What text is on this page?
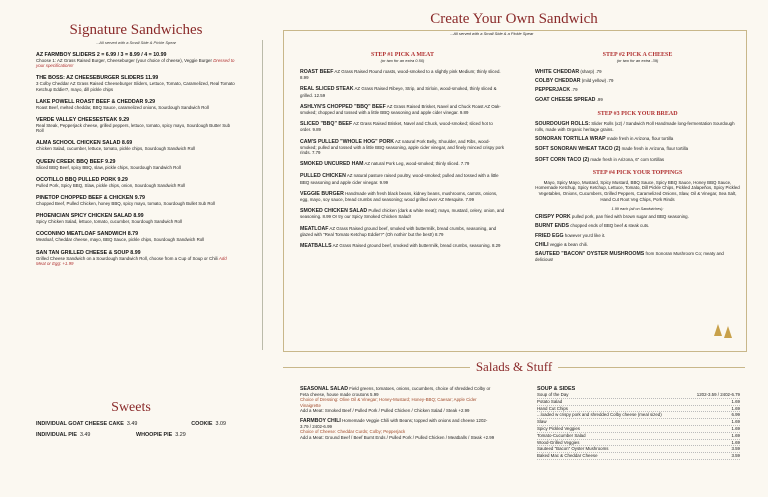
Signature Sandwiches
...All served with a Small Side & Pickle Spear
AZ FARMBOY SLIDERS 2 = 6.99 / 3 = 8.99 / 4 = 10.99
Choose 1: AZ Grass Raised Burger, Cheeseburger (your choice of cheese), Veggie Burger Dressed to your specifications!
THE BOSS: AZ CHEESEBURGER SLIDERS 11.99
3 Colby Cheddar AZ Grass Raised Cheeseburger Sliders, Lettuce, Tomato, Caramelized, Real Tomato Ketchup Eddie!?, mayo, dill pickle chips
LAKE POWELL ROAST BEEF & CHEDDAR 9.29
Roast Beef, melted cheddar, BBQ Sauce, caramelized onions, Sourdough Sandwich Roll
VERDE VALLEY CHEESESTEAK 9.29
Real Steak, Pepperjack cheese, grilled peppers, lettuce, tomato, spicy mayo, Sourdough Butter Sub Roll
ALMA SCHOOL CHICKEN SALAD 8.69
Chicken Salad, cucumber, lettuce, tomato, pickle chips, Sourdough Sandwich Roll
QUEEN CREEK BBQ BEEF 9.29
Sliced BBQ Beef, spicy BBQ, slaw, pickle chips, Sourdough Sandwich Roll
OCOTILLO BBQ PULLED PORK 9.29
Pulled Pork, Spicy BBQ, Slaw, pickle chips, onion, Sourdough Sandwich Roll
PINETOP CHOPPED BEEF & CHICKEN 9.79
Chopped Beef, Pulled Chicken, honey BBQ, spicy mayo, tomato, Sourdough Bullet Sub Roll
PHOENICIAN SPICY CHICKEN SALAD 8.99
Spicy Chicken Salad, lettuce, tomato, cucumber, Sourdough Sandwich Roll
COCONINO MEATLOAF SANDWICH 8.79
Meatloaf, Cheddar cheese, mayo, BBQ Sauce, pickle chips, Sourdough Sandwich Roll
SAN TAN GRILLED CHEESE & SOUP 8.99
Grilled Cheese Sandwich on a Sourdough Sandwich Roll, choose from a Cup of Soup or Chili Add Meat or Egg: +1.99
Sweets
INDIVIDUAL GOAT CHEESE CAKE 3.49	COOKIE 3.09
INDIVIDUAL PIE 3.49	WHOOPIE PIE 3.29
Create Your Own Sandwich
...All served with a Small Side & a Pickle Spear
STEP #1 PICK A MEAT
(or two for an extra 0.50)
ROAST BEEF AZ Grass Raised Round roasts, wood-smoked to a slightly pink Medium; thinly sliced. 8.99
REAL SLICED STEAK AZ Grass Raised Ribeye, Strip, and Sirloin, wood-smoked, thinly sliced & grilled. 12.59
ASHLYN'S CHOPPED "BBQ" BEEF AZ Grass Raised Brisket, Navel and Chuck Roast AZ Oak-smoked; chopped and tossed with a little BBQ seasoning and apple cider vinegar. 9.89
SLICED "BBQ" BEEF AZ Grass Raised Brisket, Navel and Chuck, wood-smoked; sliced hot to order. 9.89
CAM'S PULLED "WHOLE HOG" PORK AZ natural Pork Belly, Shoulder, and Ribs, wood-smoked; pulled and tossed with a little BBQ seasoning, apple cider vinegar, and finely minced crispy pork rinds. 7.79
SMOKED UNCURED HAM AZ natural Pork Leg, wood-smoked; thinly sliced. 7.79
PULLED CHICKEN AZ natural pasture raised poultry, wood-smoked; pulled and tossed with a little BBQ seasoning and apple cider vinegar. 9.99
VEGGIE BURGER Handmade with fresh black beans, kidney beans, mushrooms, carrots, onions, egg, mayo, soy sauce, bread crumbs and seasoning; wood grilled over AZ Mesquite. 7.99
SMOKED CHICKEN SALAD Pulled chicken (dark & white meat); mayo, mustard, celery, onion, and seasoning. 8.99 Or try our Spicy Smoked Chicken Salad!
MEATLOAF AZ Grass Raised ground beef, smoked with buttermilk, bread crumbs, seasoning, and glazed with "Real Tomato Ketchup Eddie!?" (Oh nothin' but the best!) 8.79
MEATBALLS AZ Grass Raised ground beef, smoked with buttermilk, bread crumbs, seasoning. 8.29
STEP #2 PICK A CHEESE
(or two for an extra .39)
WHITE CHEDDAR (sharp) .79
COLBY CHEDDAR (mild yellow) .79
PEPPERJACK .79
GOAT CHEESE SPREAD .99
STEP #3 PICK YOUR BREAD
SOURDOUGH ROLLS: Slider Rolls (x2) / Sandwich Roll Handmade long-fermentation Sourdough rolls, made with Organic heritage grains.
SONORAN TORTILLA WRAP made fresh in Arizona, flour tortilla
SOFT SONORAN WHEAT TACO (2) made fresh in Arizona, flour tortilla
SOFT CORN TACO (2) made fresh in Arizona, 6" corn tortillas
STEP #4 PICK YOUR TOPPINGS
Mayo, Spicy Mayo, Mustard, Spicy Mustard, BBQ Sauce, Spicy BBQ Sauce, Honey BBQ Sauce, Homemade Ketchup, Spicy Ketchup, Lettuce, Tomato, Dill Pickle Chips, Pickled Jalapeños, Spicy Pickled Vegetables, Onions, Cucumbers, Grilled Peppers, Caramelized Onions, Slaw, Oil & Vinegar, Sea Salt, Hand Cut Root Veg Chips, Pork Rinds
1.99 each (all on Sandwiches):
CRISPY PORK pulled pork, pan fried with brown sugar and BBQ seasoning.
BURNT ENDS chopped ends of BBQ beef & steak cuts.
FRIED EGG however you'd like it.
CHILI veggie & bean chili.
SAUTEED "BACON" OYSTER MUSHROOMS from Sonoran Mushroom Co; meaty and delicious!
Salads & Stuff
SEASONAL SALAD Field greens, tomatoes, onions, cucumbers, choice of shredded Colby or Feta cheese, house made croutons 5.99
Choice of Dressing: Olive Oil & Vinegar; Honey-Mustard; Honey-BBQ; Caesar; Apple Cider Vinaigrette
Add a Meat: Smoked Beef / Pulled Pork / Pulled Chicken / Chicken Salad / Steak +2.99
FARMBOY CHILI Homemade Veggie Chili with Beans; topped with onions and cheese 1202-3.79 / 2402-6.99
Choice of Cheese: Cheddar Curds; Colby; Pepperjack
Add a Meat: Ground Beef / Beef Burnt Ends / Pulled Pork / Pulled Chicken / Meatballs / Steak +2.99
SOUP & SIDES
Soup of the Day	1202-3.59 / 2402-6.79
Potato Salad	1.69
Hand Cut Chips	1.69
...loaded w crispy pork and shredded Colby cheese (meal sized)	6.99
Slaw	1.69
Spicy Pickled Veggies	1.69
Tomato-Cucumber Salad	1.69
Wood-Grilled Veggies	1.69
Sauteed "Bacon" Oyster Mushrooms	3.59
Baked Mac & Cheddar Cheese	3.59
